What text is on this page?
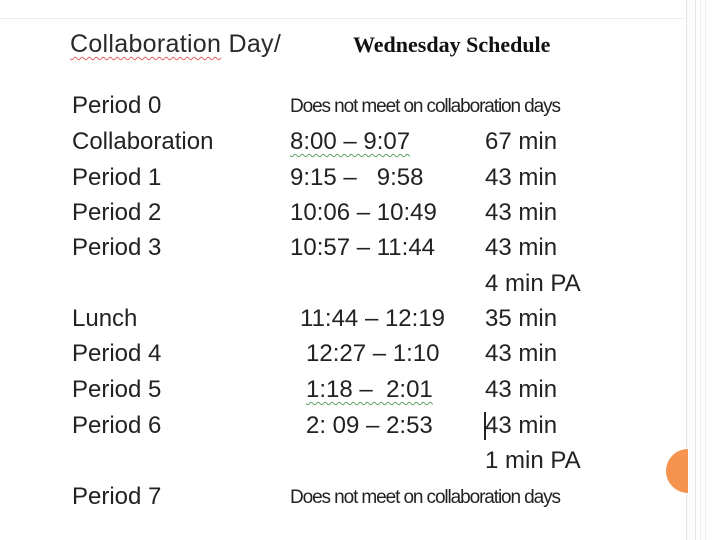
Collaboration Day/	Wednesday Schedule
Period 0	Does not meet on collaboration days
Collaboration	8:00 – 9:07	67 min
Period 1	9:15 –   9:58	43 min
Period 2	10:06 – 10:49 43 min
Period 3	10:57 – 11:44 43 min
4 min PA
Lunch	11:44 – 12:19 35 min
Period 4	12:27 – 1:10 43 min
Period 5	1:18 –  2:01 43 min
Period 6	2: 09 – 2:53 43 min
1 min PA
Period 7	Does not meet on collaboration days
